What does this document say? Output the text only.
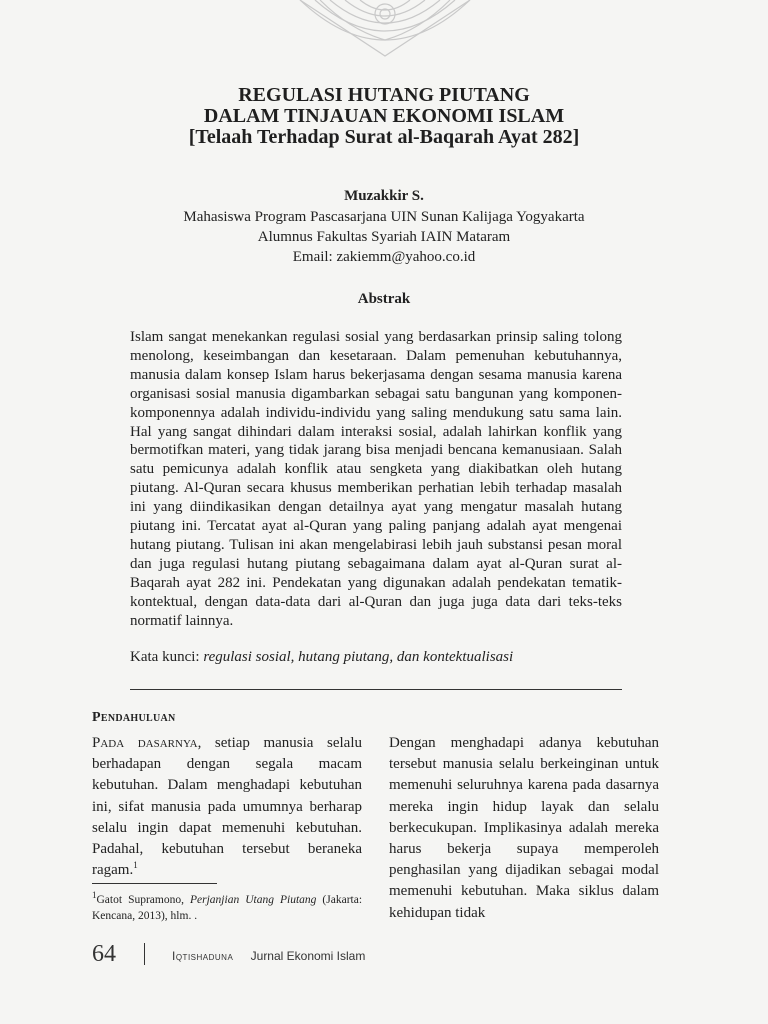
REGULASI HUTANG PIUTANG
DALAM TINJAUAN EKONOMI ISLAM
[Telaah Terhadap Surat al-Baqarah Ayat 282]
Muzakkir S.
Mahasiswa Program Pascasarjana UIN Sunan Kalijaga Yogyakarta
Alumnus Fakultas Syariah IAIN Mataram
Email: zakiemm@yahoo.co.id
Abstrak

Islam sangat menekankan regulasi sosial yang berdasarkan prinsip saling tolong menolong, keseimbangan dan kesetaraan. Dalam pemenuhan kebutuhannya, manusia dalam konsep Islam harus bekerjasama dengan sesama manusia karena organisasi sosial manusia digambarkan sebagai satu bangunan yang komponen-komponennya adalah individu-individu yang saling mendukung satu sama lain. Hal yang sangat dihindari dalam interaksi sosial, adalah lahirkan konflik yang bermotifkan materi, yang tidak jarang bisa menjadi bencana kemanusiaan. Salah satu pemicunya adalah konflik atau sengketa yang diakibatkan oleh hutang piutang. Al-Quran secara khusus memberikan perhatian lebih terhadap masalah ini yang diindikasikan dengan detailnya ayat yang mengatur masalah hutang piutang ini. Tercatat ayat al-Quran yang paling panjang adalah ayat mengenai hutang piutang. Tulisan ini akan mengelabirasi lebih jauh substansi pesan moral dan juga regulasi hutang piutang sebagaimana dalam ayat al-Quran surat al-Baqarah ayat 282 ini. Pendekatan yang digunakan adalah pendekatan tematik-kontektual, dengan data-data dari al-Quran dan juga juga data dari teks-teks normatif lainnya.

Kata kunci: regulasi sosial, hutang piutang, dan kontektualisasi
Pendahuluan

Pada dasarnya, setiap manusia selalu berhadapan dengan segala macam kebutuhan. Dalam menghadapi kebutuhan ini, sifat manusia pada umumnya berharap selalu ingin dapat memenuhi kebutuhan. Padahal, kebutuhan tersebut beraneka ragam.$^1$

Dengan menghadapi adanya kebutuhan tersebut manusia selalu berkeinginan untuk memenuhi seluruhnya karena pada dasarnya mereka ingin hidup layak dan selalu berkecukupan. Implikasinya adalah mereka harus bekerja supaya memperoleh penghasilan yang dijadikan sebagai modal memenuhi kebutuhan. Maka siklus dalam kehidupan tidak

$^1$Gatot Supramono, Perjanjian Utang Piutang (Jakarta: Kencana, 2013), hlm. .

64	Iqtishaduna Jurnal Ekonomi Islam
